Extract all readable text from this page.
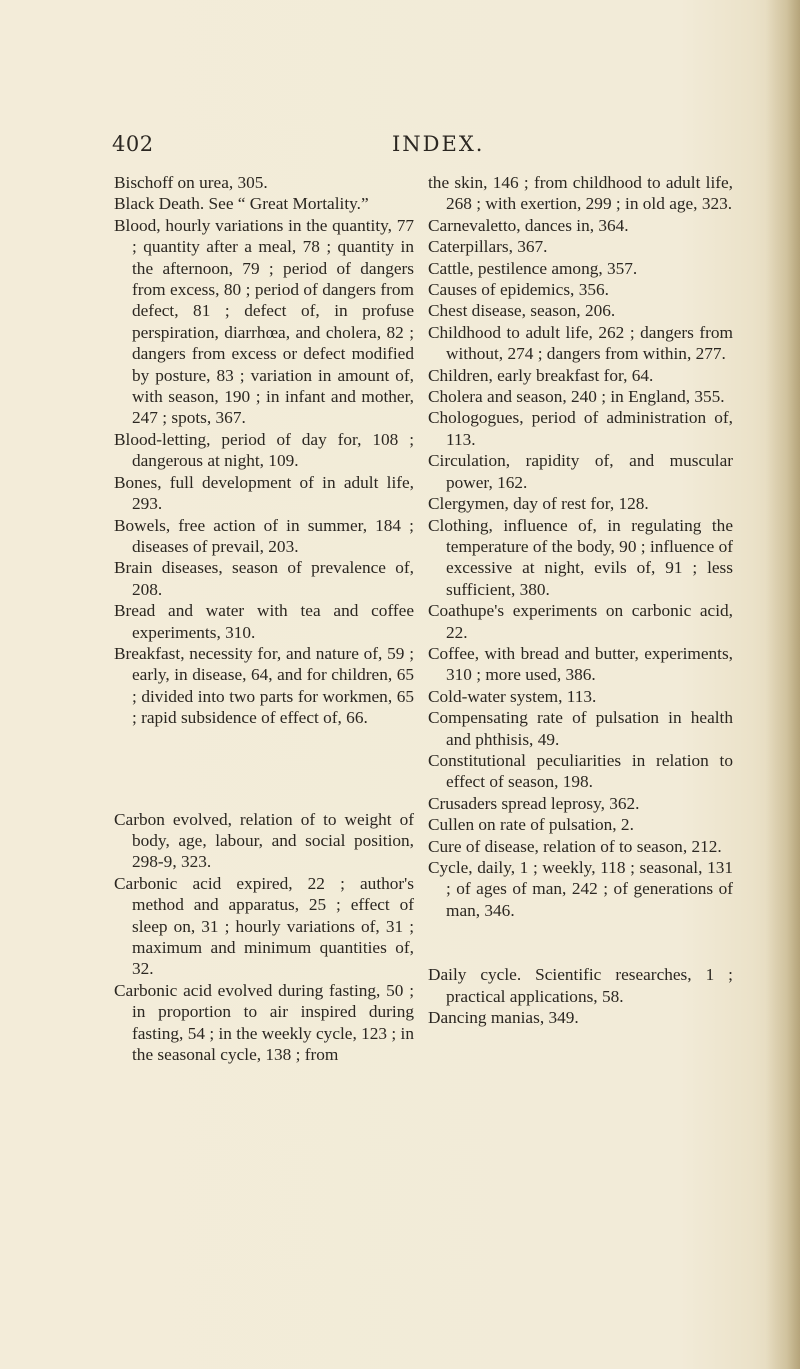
402	INDEX.

Bischoff on urea, 305.

Black Death. See “ Great Mortality.”

Blood, hourly variations in the quantity, 77 ; quantity after a meal, 78 ; quantity in the afternoon, 79 ; period of dangers from excess, 80 ; period of dangers from defect, 81 ; defect of, in profuse perspiration, diarrhœa, and cholera, 82 ; dangers from excess or defect modified by posture, 83 ; variation in amount of, with season, 190 ; in infant and mother, 247 ; spots, 367.

Blood-letting, period of day for, 108 ; dangerous at night, 109.

Bones, full development of in adult life, 293.

Bowels, free action of in summer, 184 ; diseases of prevail, 203.

Brain diseases, season of prevalence of, 208.

Bread and water with tea and coffee experiments, 310.

Breakfast, necessity for, and nature of, 59 ; early, in disease, 64, and for children, 65 ; divided into two parts for workmen, 65 ; rapid subsidence of effect of, 66.

Carbon evolved, relation of to weight of body, age, labour, and social position, 298-9, 323.

Carbonic acid expired, 22 ; author's method and apparatus, 25 ; effect of sleep on, 31 ; hourly variations of, 31 ; maximum and minimum quantities of, 32.

Carbonic acid evolved during fasting, 50 ; in proportion to air inspired during fasting, 54 ; in the weekly cycle, 123 ; in the seasonal cycle, 138 ; from

the skin, 146 ; from childhood to adult life, 268 ; with exertion, 299 ; in old age, 323.

Carnevaletto, dances in, 364.

Caterpillars, 367.

Cattle, pestilence among, 357.

Causes of epidemics, 356.

Chest disease, season, 206.

Childhood to adult life, 262 ; dangers from without, 274 ; dangers from within, 277.

Children, early breakfast for, 64.

Cholera and season, 240 ; in England, 355.

Chologogues, period of administration of, 113.

Circulation, rapidity of, and muscular power, 162.

Clergymen, day of rest for, 128.

Clothing, influence of, in regulating the temperature of the body, 90 ; influence of excessive at night, evils of, 91 ; less sufficient, 380.

Coathupe's experiments on carbonic acid, 22.

Coffee, with bread and butter, experiments, 310 ; more used, 386.

Cold-water system, 113.

Compensating rate of pulsation in health and phthisis, 49.

Constitutional peculiarities in relation to effect of season, 198.

Crusaders spread leprosy, 362.

Cullen on rate of pulsation, 2.

Cure of disease, relation of to season, 212.

Cycle, daily, 1 ; weekly, 118 ; seasonal, 131 ; of ages of man, 242 ; of generations of man, 346.

Daily cycle. Scientific researches, 1 ; practical applications, 58.

Dancing manias, 349.
